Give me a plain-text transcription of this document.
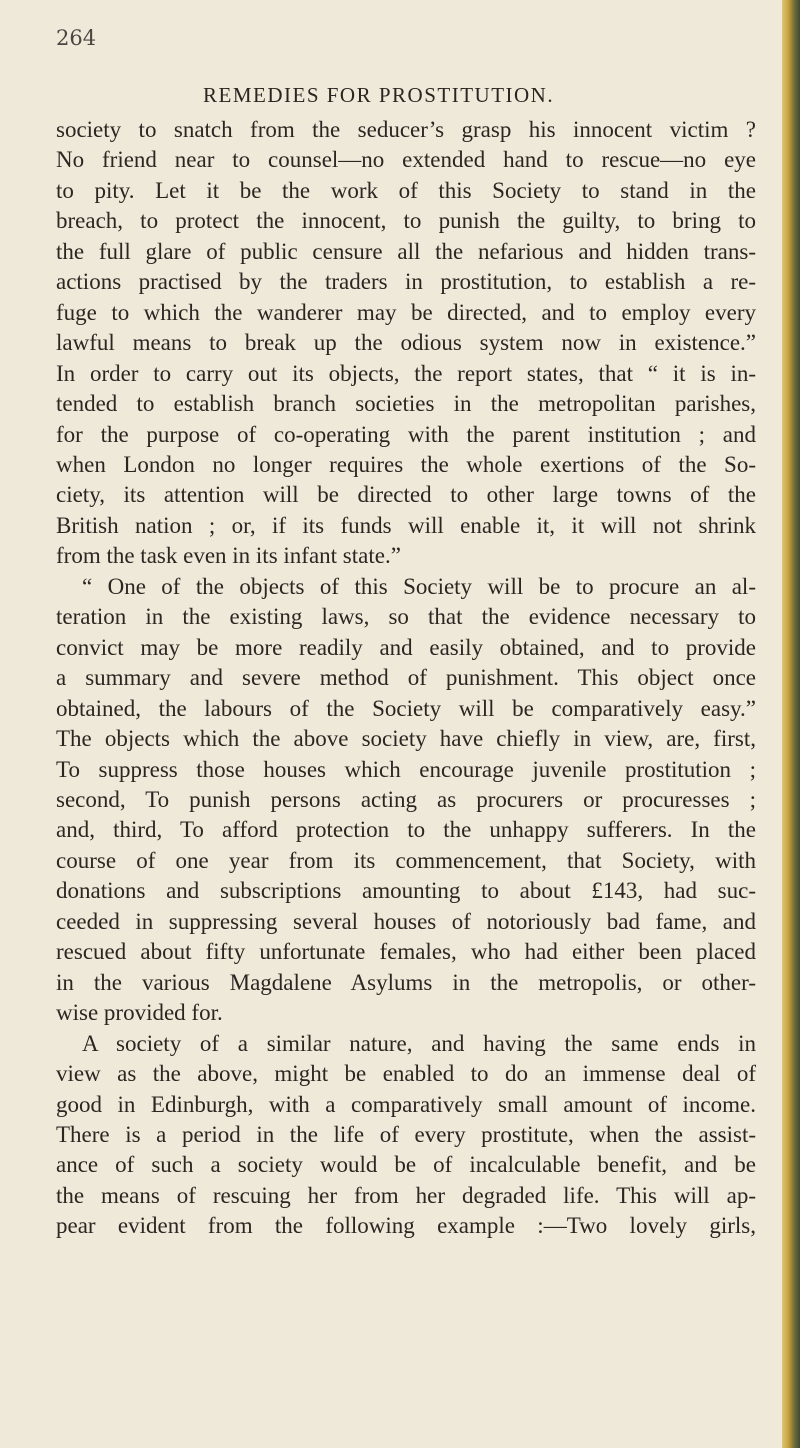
264
REMEDIES FOR PROSTITUTION.
society to snatch from the seducer’s grasp his innocent victim ?
No friend near to counsel—no extended hand to rescue—no eye
to pity. Let it be the work of this Society to stand in the
breach, to protect the innocent, to punish the guilty, to bring to
the full glare of public censure all the nefarious and hidden trans-
actions practised by the traders in prostitution, to establish a re-
fuge to which the wanderer may be directed, and to employ every
lawful means to break up the odious system now in existence.”
In order to carry out its objects, the report states, that “ it is in-
tended to establish branch societies in the metropolitan parishes,
for the purpose of co-operating with the parent institution ; and
when London no longer requires the whole exertions of the So-
ciety, its attention will be directed to other large towns of the
British nation ; or, if its funds will enable it, it will not shrink
from the task even in its infant state.”
“ One of the objects of this Society will be to procure an al-
teration in the existing laws, so that the evidence necessary to
convict may be more readily and easily obtained, and to provide
a summary and severe method of punishment. This object once
obtained, the labours of the Society will be comparatively easy.”
The objects which the above society have chiefly in view, are, first,
To suppress those houses which encourage juvenile prostitution ;
second, To punish persons acting as procurers or procuresses ;
and, third, To afford protection to the unhappy sufferers. In the
course of one year from its commencement, that Society, with
donations and subscriptions amounting to about £143, had suc-
ceeded in suppressing several houses of notoriously bad fame, and
rescued about fifty unfortunate females, who had either been placed
in the various Magdalene Asylums in the metropolis, or other-
wise provided for.
A society of a similar nature, and having the same ends in
view as the above, might be enabled to do an immense deal of
good in Edinburgh, with a comparatively small amount of income.
There is a period in the life of every prostitute, when the assist-
ance of such a society would be of incalculable benefit, and be
the means of rescuing her from her degraded life. This will ap-
pear evident from the following example :—Two lovely girls,
